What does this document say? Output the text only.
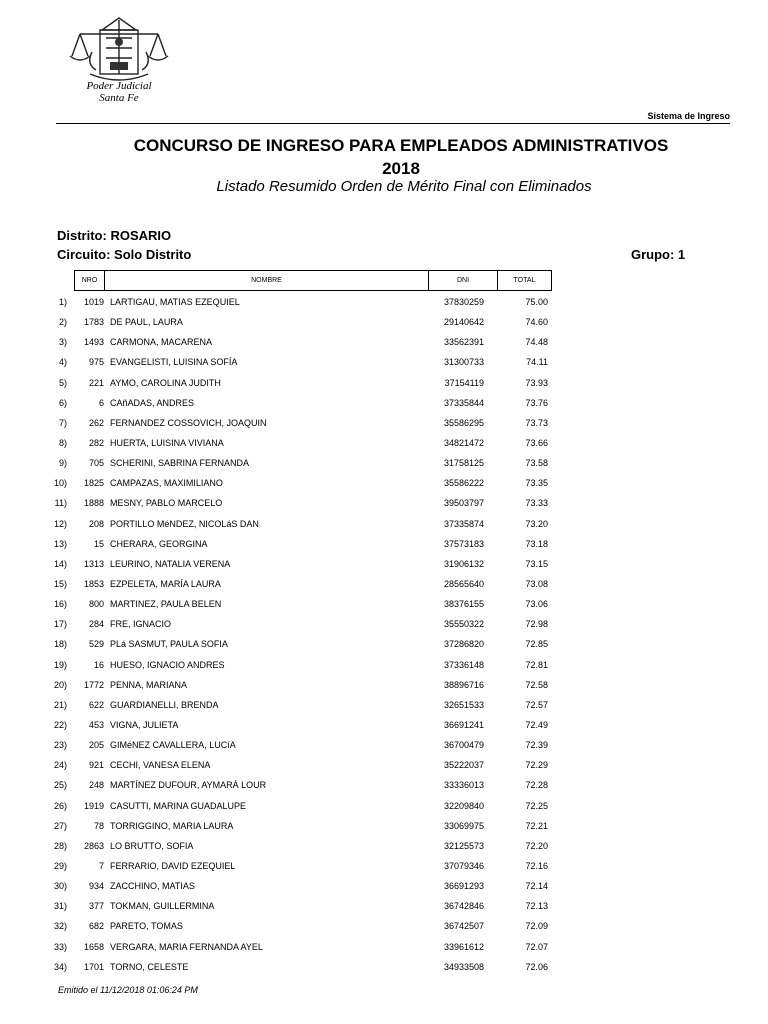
Poder Judicial
Santa Fe
Sistema de Ingreso
CONCURSO DE INGRESO PARA EMPLEADOS ADMINISTRATIVOS
2018
Listado Resumido Orden de Mérito Final con Eliminados
Distrito: ROSARIO
Circuito: Solo Distrito	Grupo: 1
NRO	NOMBRE	DNI	TOTAL
1) 1019 LARTIGAU, MATIAS EZEQUIEL	37830259	75.00
2) 1783 DE PAUL, LAURA	29140642	74.60
3) 1493 CARMONA, MACARENA	33562391	74.48
4) 975 EVANGELISTI, LUISINA SOFÍA	31300733	74.11
5) 221 AYMO, CAROLINA JUDITH	37154119	73.93
6)	6 CAñADAS, ANDRES	37335844	73.76
7) 262 FERNANDEZ COSSOVICH, JOAQUIN	35586295	73.73
8) 282 HUERTA, LUISINA VIVIANA	34821472	73.66
9) 705 SCHERINI, SABRINA FERNANDA	31758125	73.58
10) 1825 CAMPAZAS, MAXIMILIANO	35586222	73.35
11) 1888 MESNY, PABLO MARCELO	39503797	73.33
12) 208 PORTILLO MéNDEZ, NICOLáS DAN	37335874	73.20
13)	15 CHERARA, GEORGINA	37573183	73.18
14) 1313 LEURINO, NATALIA VERENA	31906132	73.15
15) 1853 EZPELETA, MARÍA LAURA	28565640	73.08
16) 800 MARTINEZ, PAULA BELEN	38376155	73.06
17) 284 FRE, IGNACIO	35550322	72.98
18) 529 PLá SASMUT, PAULA SOFIA	37286820	72.85
19)	16 HUESO, IGNACIO ANDRES	37336148	72.81
20) 1772 PENNA, MARIANA	38896716	72.58
21) 622 GUARDIANELLI, BRENDA	32651533	72.57
22) 453 VIGNA, JULIETA	36691241	72.49
23) 205 GIMéNEZ CAVALLERA, LUCíA	36700479	72.39
24) 921 CECHI, VANESA ELENA	35222037	72.29
25) 248 MARTÍNEZ DUFOUR, AYMARÁ LOUR	33336013	72.28
26) 1919 CASUTTI, MARINA GUADALUPE	32209840	72.25
27)	78 TORRIGGINO, MARIA LAURA	33069975	72.21
28) 2863 LO BRUTTO, SOFIA	32125573	72.20
29)	7 FERRARIO, DAVID EZEQUIEL	37079346	72.16
30) 934 ZACCHINO, MATIAS	36691293	72.14
31) 377 TOKMAN, GUILLERMINA	36742846	72.13
32) 682 PARETO, TOMAS	36742507	72.09
33) 1658 VERGARA, MARIA FERNANDA AYEL	33961612	72.07
34) 1701 TORNO, CELESTE	34933508	72.06
Emitido el 11/12/2018 01:06:24 PM
